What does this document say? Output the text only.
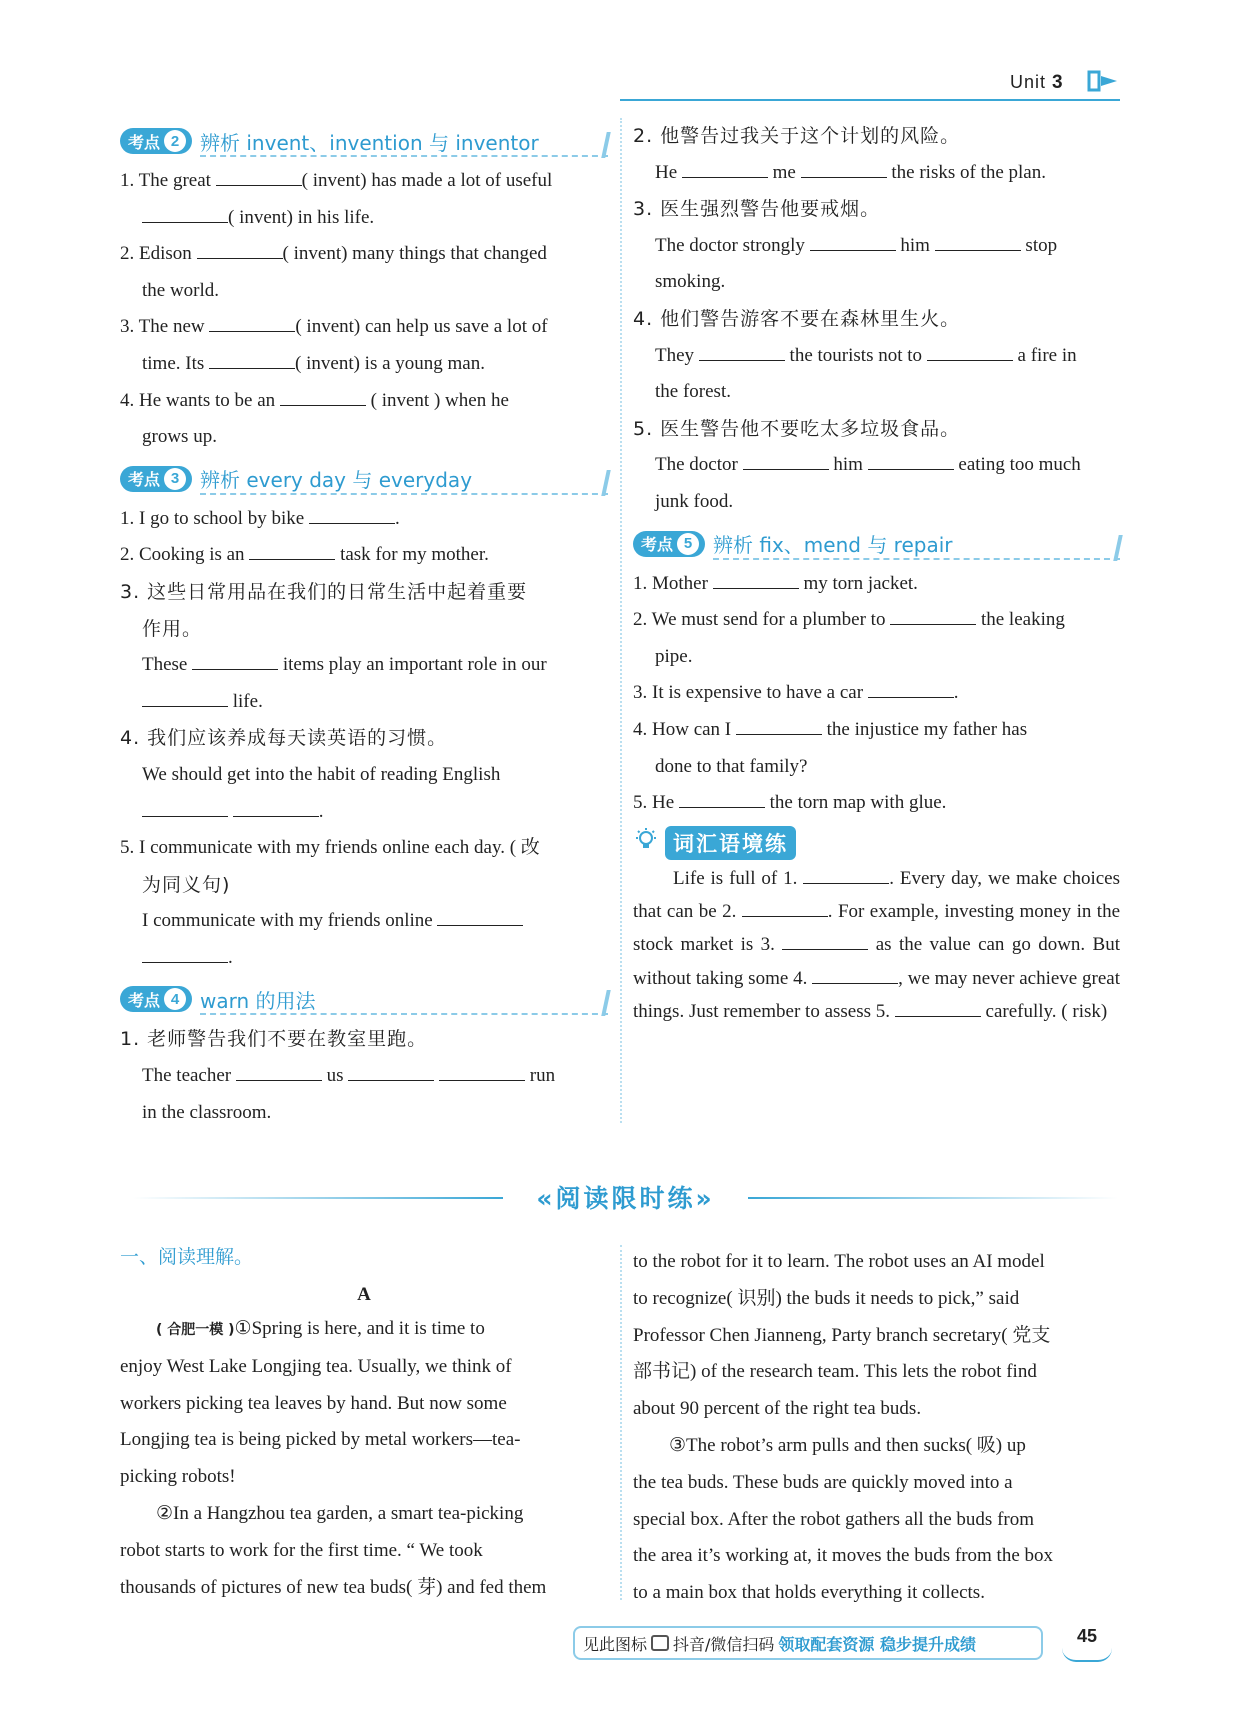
Unit 3
考点 2	辨析 invent、invention 与 inventor
1. The great	( invent) has made a lot of useful
( invent) in his life.
2. Edison	( invent) many things that changed
the world.
3. The new	( invent) can help us save a lot of
time. Its	( invent) is a young man.
4. He wants to be an	( invent ) when he
grows up.
考点 3	辨析 every day 与 everyday
1. I go to school by bike	.
2. Cooking is an	task for my mother.
3. 这些日常用品在我们的日常生活中起着重要
作用。
These	items play an important role in our
life.
4. 我们应该养成每天读英语的习惯。
We should get into the habit of reading English
.
5. I communicate with my friends online each day. ( 改
为同义句)
I communicate with my friends online
.
考点 4	warn 的用法
1. 老师警告我们不要在教室里跑。
The teacher	us	run
in the classroom.
2. 他警告过我关于这个计划的风险。
He	me	the risks of the plan.
3. 医生强烈警告他要戒烟。
The doctor strongly	him	stop
smoking.
4. 他们警告游客不要在森林里生火。
They	the tourists not to	a fire in
the forest.
5. 医生警告他不要吃太多垃圾食品。
The doctor	him	eating too much
junk food.
考点 5	辨析 fix、mend 与 repair
1. Mother	my torn jacket.
2. We must send for a plumber to	the leaking
pipe.
3. It is expensive to have a car	.
4. How can I	the injustice my father has
done to that family?
5. He	the torn map with glue.
词汇语境练
Life is full of 1.	. Every day, we make choices that can be 2.	. For example, investing money in the stock market is 3.	as the value can go down. But without taking some 4.	, we may never achieve great things. Just remember to assess 5.	carefully. ( risk)
«阅读限时练»
一、阅读理解。
A
( 合肥一模 )①Spring is here, and it is time to
enjoy West Lake Longjing tea. Usually, we think of
workers picking tea leaves by hand. But now some
Longjing tea is being picked by metal workers—tea-
picking robots!
②In a Hangzhou tea garden, a smart tea-picking
robot starts to work for the first time. “ We took
thousands of pictures of new tea buds( 芽) and fed them
to the robot for it to learn. The robot uses an AI model
to recognize( 识别) the buds it needs to pick,” said
Professor Chen Jianneng, Party branch secretary( 党支
部书记) of the research team. This lets the robot find
about 90 percent of the right tea buds.
③The robot’s arm pulls and then sucks( 吸) up
the tea buds. These buds are quickly moved into a
special box. After the robot gathers all the buds from
the area it’s working at, it moves the buds from the box
to a main box that holds everything it collects.
见此图标 抖音/微信扫码 领取配套资源 稳步提升成绩	45
